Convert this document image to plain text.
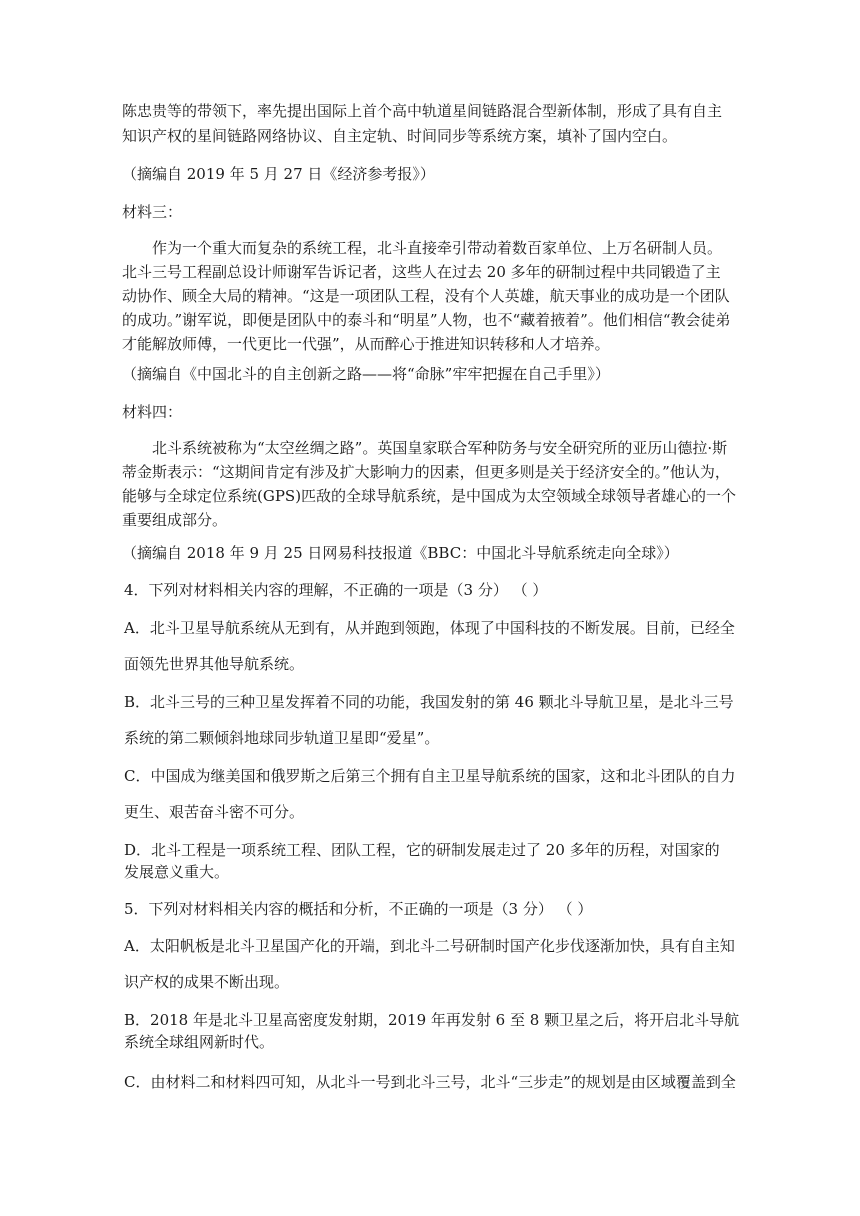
陈忠贵等的带领下，率先提出国际上首个高中轨道星间链路混合型新体制，形成了具有自主

知识产权的星间链路网络协议、自主定轨、时间同步等系统方案，填补了国内空白。

（摘编自 2019 年 5 月 27 日《经济参考报》）

材料三：

作为一个重大而复杂的系统工程，北斗直接牵引带动着数百家单位、上万名研制人员。

北斗三号工程副总设计师谢军告诉记者，这些人在过去 20 多年的研制过程中共同锻造了主

动协作、顾全大局的精神。“这是一项团队工程，没有个人英雄，航天事业的成功是一个团队

的成功。”谢军说，即便是团队中的泰斗和“明星”人物，也不“藏着掖着”。他们相信“教会徒弟

才能解放师傅，一代更比一代强”，从而醉心于推进知识转移和人才培养。

（摘编自《中国北斗的自主创新之路——将“命脉”牢牢把握在自己手里》）

材料四：

北斗系统被称为“太空丝绸之路”。英国皇家联合军种防务与安全研究所的亚历山德拉·斯

蒂金斯表示：“这期间肯定有涉及扩大影响力的因素，但更多则是关于经济安全的。”他认为，

能够与全球定位系统(GPS)匹敌的全球导航系统，是中国成为太空领域全球领导者雄心的一个

重要组成部分。

（摘编自 2018 年 9 月 25 日网易科技报道《BBC：中国北斗导航系统走向全球》）

4．下列对材料相关内容的理解，不正确的一项是（3 分） （ ）

A．北斗卫星导航系统从无到有，从并跑到领跑，体现了中国科技的不断发展。目前，已经全

面领先世界其他导航系统。

B．北斗三号的三种卫星发挥着不同的功能，我国发射的第 46 颗北斗导航卫星，是北斗三号

系统的第二颗倾斜地球同步轨道卫星即“爱星”。

C．中国成为继美国和俄罗斯之后第三个拥有自主卫星导航系统的国家，这和北斗团队的自力

更生、艰苦奋斗密不可分。

D．北斗工程是一项系统工程、团队工程，它的研制发展走过了 20 多年的历程，对国家的

发展意义重大。

5．下列对材料相关内容的概括和分析，不正确的一项是（3 分） （ ）

A．太阳帆板是北斗卫星国产化的开端，到北斗二号研制时国产化步伐逐渐加快，具有自主知

识产权的成果不断出现。

B．2018 年是北斗卫星高密度发射期，2019 年再发射 6 至 8 颗卫星之后，将开启北斗导航

系统全球组网新时代。

C．由材料二和材料四可知，从北斗一号到北斗三号，北斗“三步走”的规划是由区域覆盖到全
